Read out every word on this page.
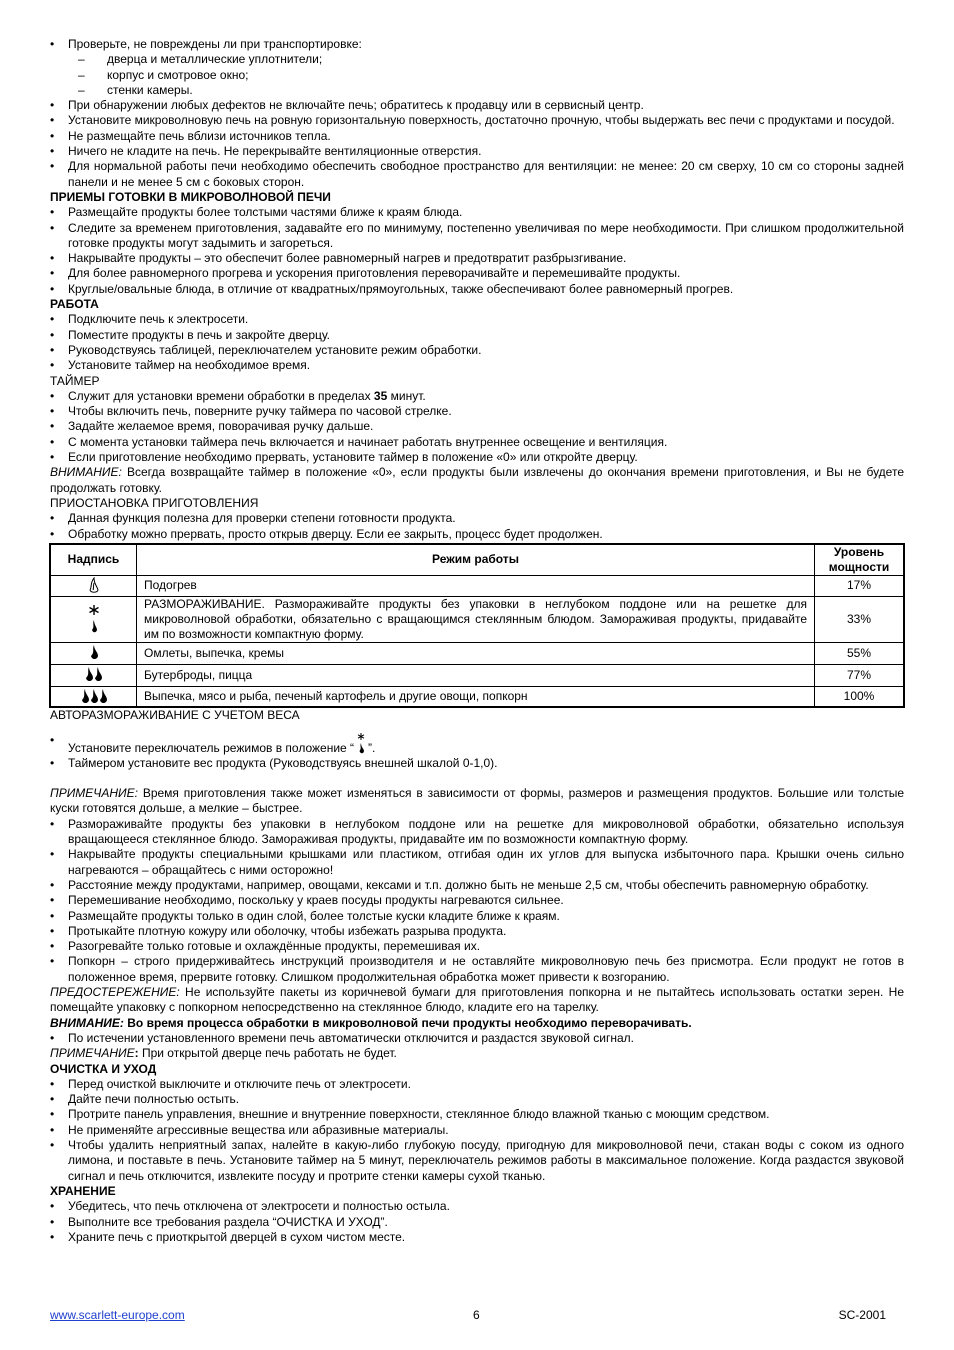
• Проверьте, не повреждены ли при транспортировке:
– дверца и металлические уплотнители;
– корпус и смотровое окно;
– стенки камеры.
• При обнаружении любых дефектов не включайте печь; обратитесь к продавцу или в сервисный центр.
• Установите микроволновую печь на ровную горизонтальную поверхность, достаточно прочную, чтобы выдержать вес печи с продуктами и посудой.
• Не размещайте печь вблизи источников тепла.
• Ничего не кладите на печь. Не перекрывайте вентиляционные отверстия.
• Для нормальной работы печи необходимо обеспечить свободное пространство для вентиляции: не менее: 20 см сверху, 10 см со стороны задней панели и не менее 5 см с боковых сторон.
ПРИЕМЫ ГОТОВКИ В МИКРОВОЛНОВОЙ ПЕЧИ
• Размещайте продукты более толстыми частями ближе к краям блюда.
• Следите за временем приготовления, задавайте его по минимуму, постепенно увеличивая по мере необходимости. При слишком продолжительной готовке продукты могут задымить и загореться.
• Накрывайте продукты – это обеспечит более равномерный нагрев и предотвратит разбрызгивание.
• Для более равномерного прогрева и ускорения приготовления переворачивайте и перемешивайте продукты.
• Круглые/овальные блюда, в отличие от квадратных/прямоугольных, также обеспечивают более равномерный прогрев.
РАБОТА
• Подключите печь к электросети.
• Поместите продукты в печь и закройте дверцу.
• Руководствуясь таблицей, переключателем установите режим обработки.
• Установите таймер на необходимое время.
ТАЙМЕР
• Служит для установки времени обработки в пределах 35 минут.
• Чтобы включить печь, поверните ручку таймера по часовой стрелке.
• Задайте желаемое время, поворачивая ручку дальше.
• С момента установки таймера печь включается и начинает работать внутреннее освещение и вентиляция.
• Если приготовление необходимо прервать, установите таймер в положение «0» или откройте дверцу.
ВНИМАНИЕ: Всегда возвращайте таймер в положение «0», если продукты были извлечены до окончания времени приготовления, и Вы не будете продолжать готовку.
ПРИОСТАНОВКА ПРИГОТОВЛЕНИЯ
• Данная функция полезна для проверки степени готовности продукта.
• Обработку можно прервать, просто открыв дверцу. Если ее закрыть, процесс будет продолжен.
Надпись	Режим работы	Уровень мощности
	Подогрев	17%
	РАЗМОРАЖИВАНИЕ. Размораживайте продукты без упаковки в неглубоком поддоне или на решетке для микроволновой обработки, обязательно с вращающимся стеклянным блюдом. Замораживая продукты, придавайте им по возможности компактную форму.	33%
	Омлеты, выпечка, кремы	55%
	Бутерброды, пицца	77%
	Выпечка, мясо и рыба, печеный картофель и другие овощи, попкорн	100%
АВТОРАЗМОРАЖИВАНИЕ С УЧЕТОМ ВЕСА
• Установите переключатель режимов в положение “ ”.
• Таймером установите вес продукта (Руководствуясь внешней шкалой 0-1,0).
ПРИМЕЧАНИЕ: Время приготовления также может изменяться в зависимости от формы, размеров и размещения продуктов. Большие или толстые куски готовятся дольше, а мелкие – быстрее.
• Размораживайте продукты без упаковки в неглубоком поддоне или на решетке для микроволновой обработки, обязательно используя вращающееся стеклянное блюдо. Замораживая продукты, придавайте им по возможности компактную форму.
• Накрывайте продукты специальными крышками или пластиком, отгибая один их углов для выпуска избыточного пара. Крышки очень сильно нагреваются – обращайтесь с ними осторожно!
• Расстояние между продуктами, например, овощами, кексами и т.п. должно быть не меньше 2,5 см, чтобы обеспечить равномерную обработку.
• Перемешивание необходимо, поскольку у краев посуды продукты нагреваются сильнее.
• Размещайте продукты только в один слой, более толстые куски кладите ближе к краям.
• Протыкайте плотную кожуру или оболочку, чтобы избежать разрыва продукта.
• Разогревайте только готовые и охлаждённые продукты, перемешивая их.
• Попкорн – строго придерживайтесь инструкций производителя и не оставляйте микроволновую печь без присмотра. Если продукт не готов в положенное время, прервите готовку. Слишком продолжительная обработка может привести к возгоранию.
ПРЕДОСТЕРЕЖЕНИЕ: Не используйте пакеты из коричневой бумаги для приготовления попкорна и не пытайтесь использовать остатки зерен. Не помещайте упаковку с попкорном непосредственно на стеклянное блюдо, кладите его на тарелку.
ВНИМАНИЕ: Во время процесса обработки в микроволновой печи продукты необходимо переворачивать.
• По истечении установленного времени печь автоматически отключится и раздастся звуковой сигнал.
ПРИМЕЧАНИЕ: При открытой дверце печь работать не будет.
ОЧИСТКА И УХОД
• Перед очисткой выключите и отключите печь от электросети.
• Дайте печи полностью остыть.
• Протрите панель управления, внешние и внутренние поверхности, стеклянное блюдо влажной тканью с моющим средством.
• Не применяйте агрессивные вещества или абразивные материалы.
• Чтобы удалить неприятный запах, налейте в какую-либо глубокую посуду, пригодную для микроволновой печи, стакан воды с соком из одного лимона, и поставьте в печь. Установите таймер на 5 минут, переключатель режимов работы в максимальное положение. Когда раздастся звуковой сигнал и печь отключится, извлеките посуду и протрите стенки камеры сухой тканью.
ХРАНЕНИЕ
• Убедитесь, что печь отключена от электросети и полностью остыла.
• Выполните все требования раздела “ОЧИСТКА И УХОД”.
• Храните печь с приоткрытой дверцей в сухом чистом месте.
www.scarlett-europe.com	6	SC-2001
